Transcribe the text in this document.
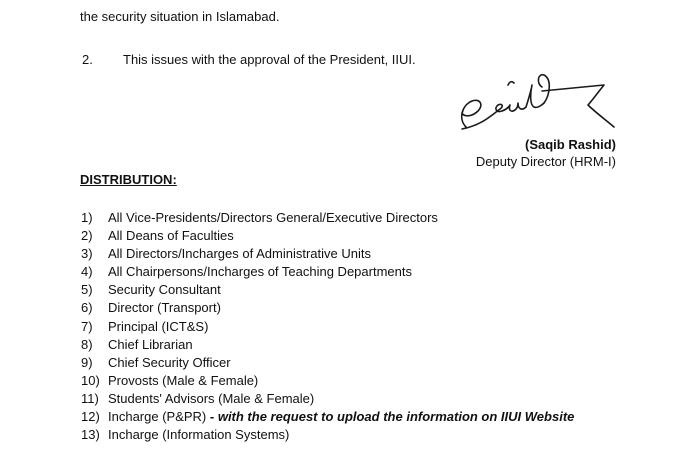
the security situation in Islamabad.
2. This issues with the approval of the President, IIUI.
(Saqib Rashid)
Deputy Director (HRM-I)
DISTRIBUTION:
1) All Vice-Presidents/Directors General/Executive Directors
2) All Deans of Faculties
3) All Directors/Incharges of Administrative Units
4) All Chairpersons/Incharges of Teaching Departments
5) Security Consultant
6) Director (Transport)
7) Principal (ICT&S)
8) Chief Librarian
9) Chief Security Officer
10) Provosts (Male & Female)
11) Students' Advisors (Male & Female)
12) Incharge (P&PR) - with the request to upload the information on IIUI Website
13) Incharge (Information Systems)
